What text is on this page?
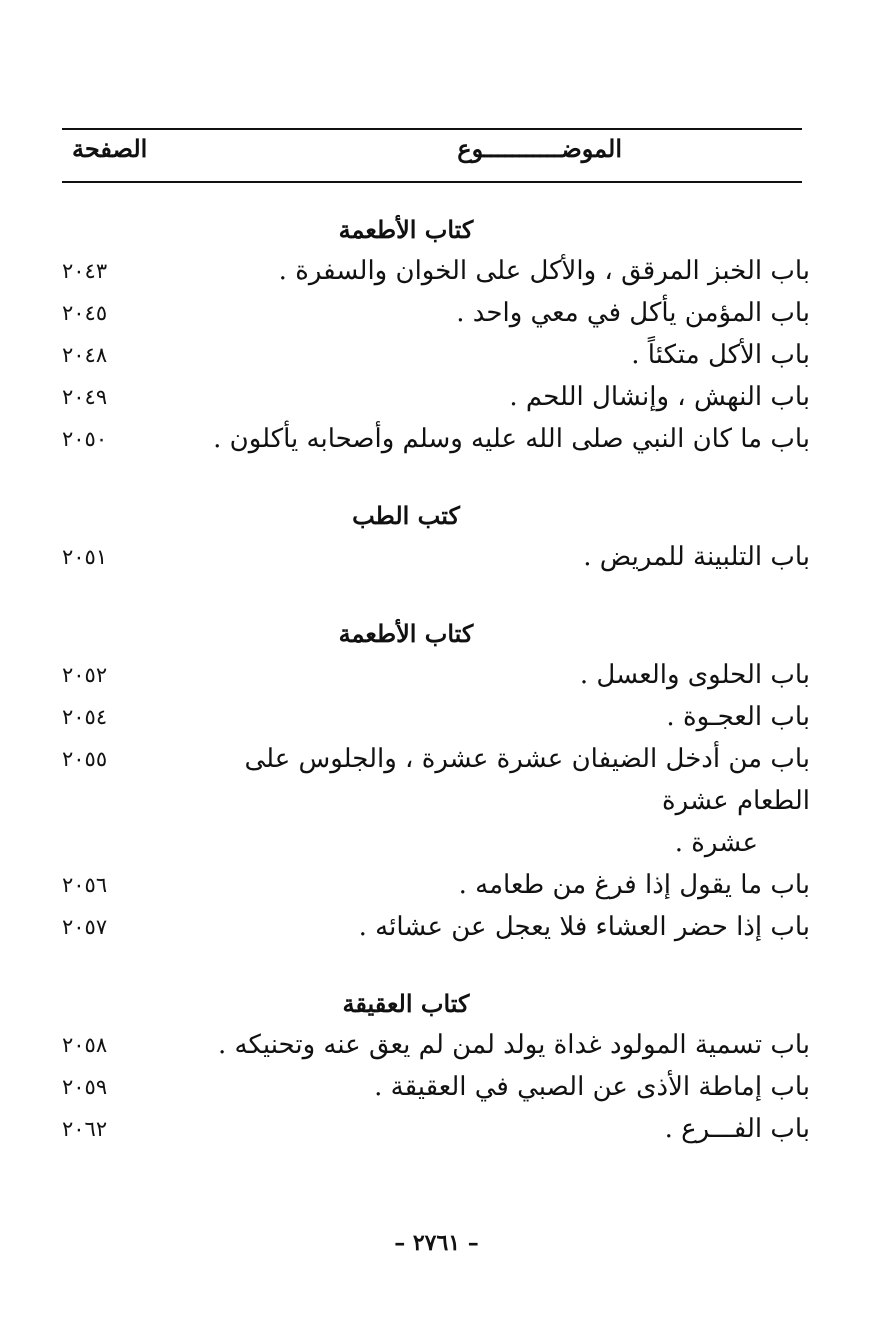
الموضـــــــــــوع
الصفحة
كتاب الأطعمة
باب الخبز المرقق ، والأكل على الخوان والسفرة .
٢٠٤٣
باب المؤمن يأكل في معي واحد .
٢٠٤٥
باب الأكل متكئاً .
٢٠٤٨
باب النهش ، وإنشال اللحم .
٢٠٤٩
باب ما كان النبي صلى الله عليه وسلم وأصحابه يأكلون .
٢٠٥٠
كتب الطب
باب التلبينة للمريض .
٢٠٥١
كتاب الأطعمة
باب الحلوى والعسل .
٢٠٥٢
باب العجـوة .
٢٠٥٤
باب من أدخل الضيفان عشرة عشرة ، والجلوس على الطعام عشرة
عشرة .
٢٠٥٥
باب ما يقول إذا فرغ من طعامه .
٢٠٥٦
باب إذا حضر العشاء فلا يعجل عن عشائه .
٢٠٥٧
كتاب العقيقة
باب تسمية المولود غداة يولد لمن لم يعق عنه وتحنيكه .
٢٠٥٨
باب إماطة الأذى عن الصبي في العقيقة .
٢٠٥٩
باب الفـــرع .
٢٠٦٢
– ٢٧٦١ –
